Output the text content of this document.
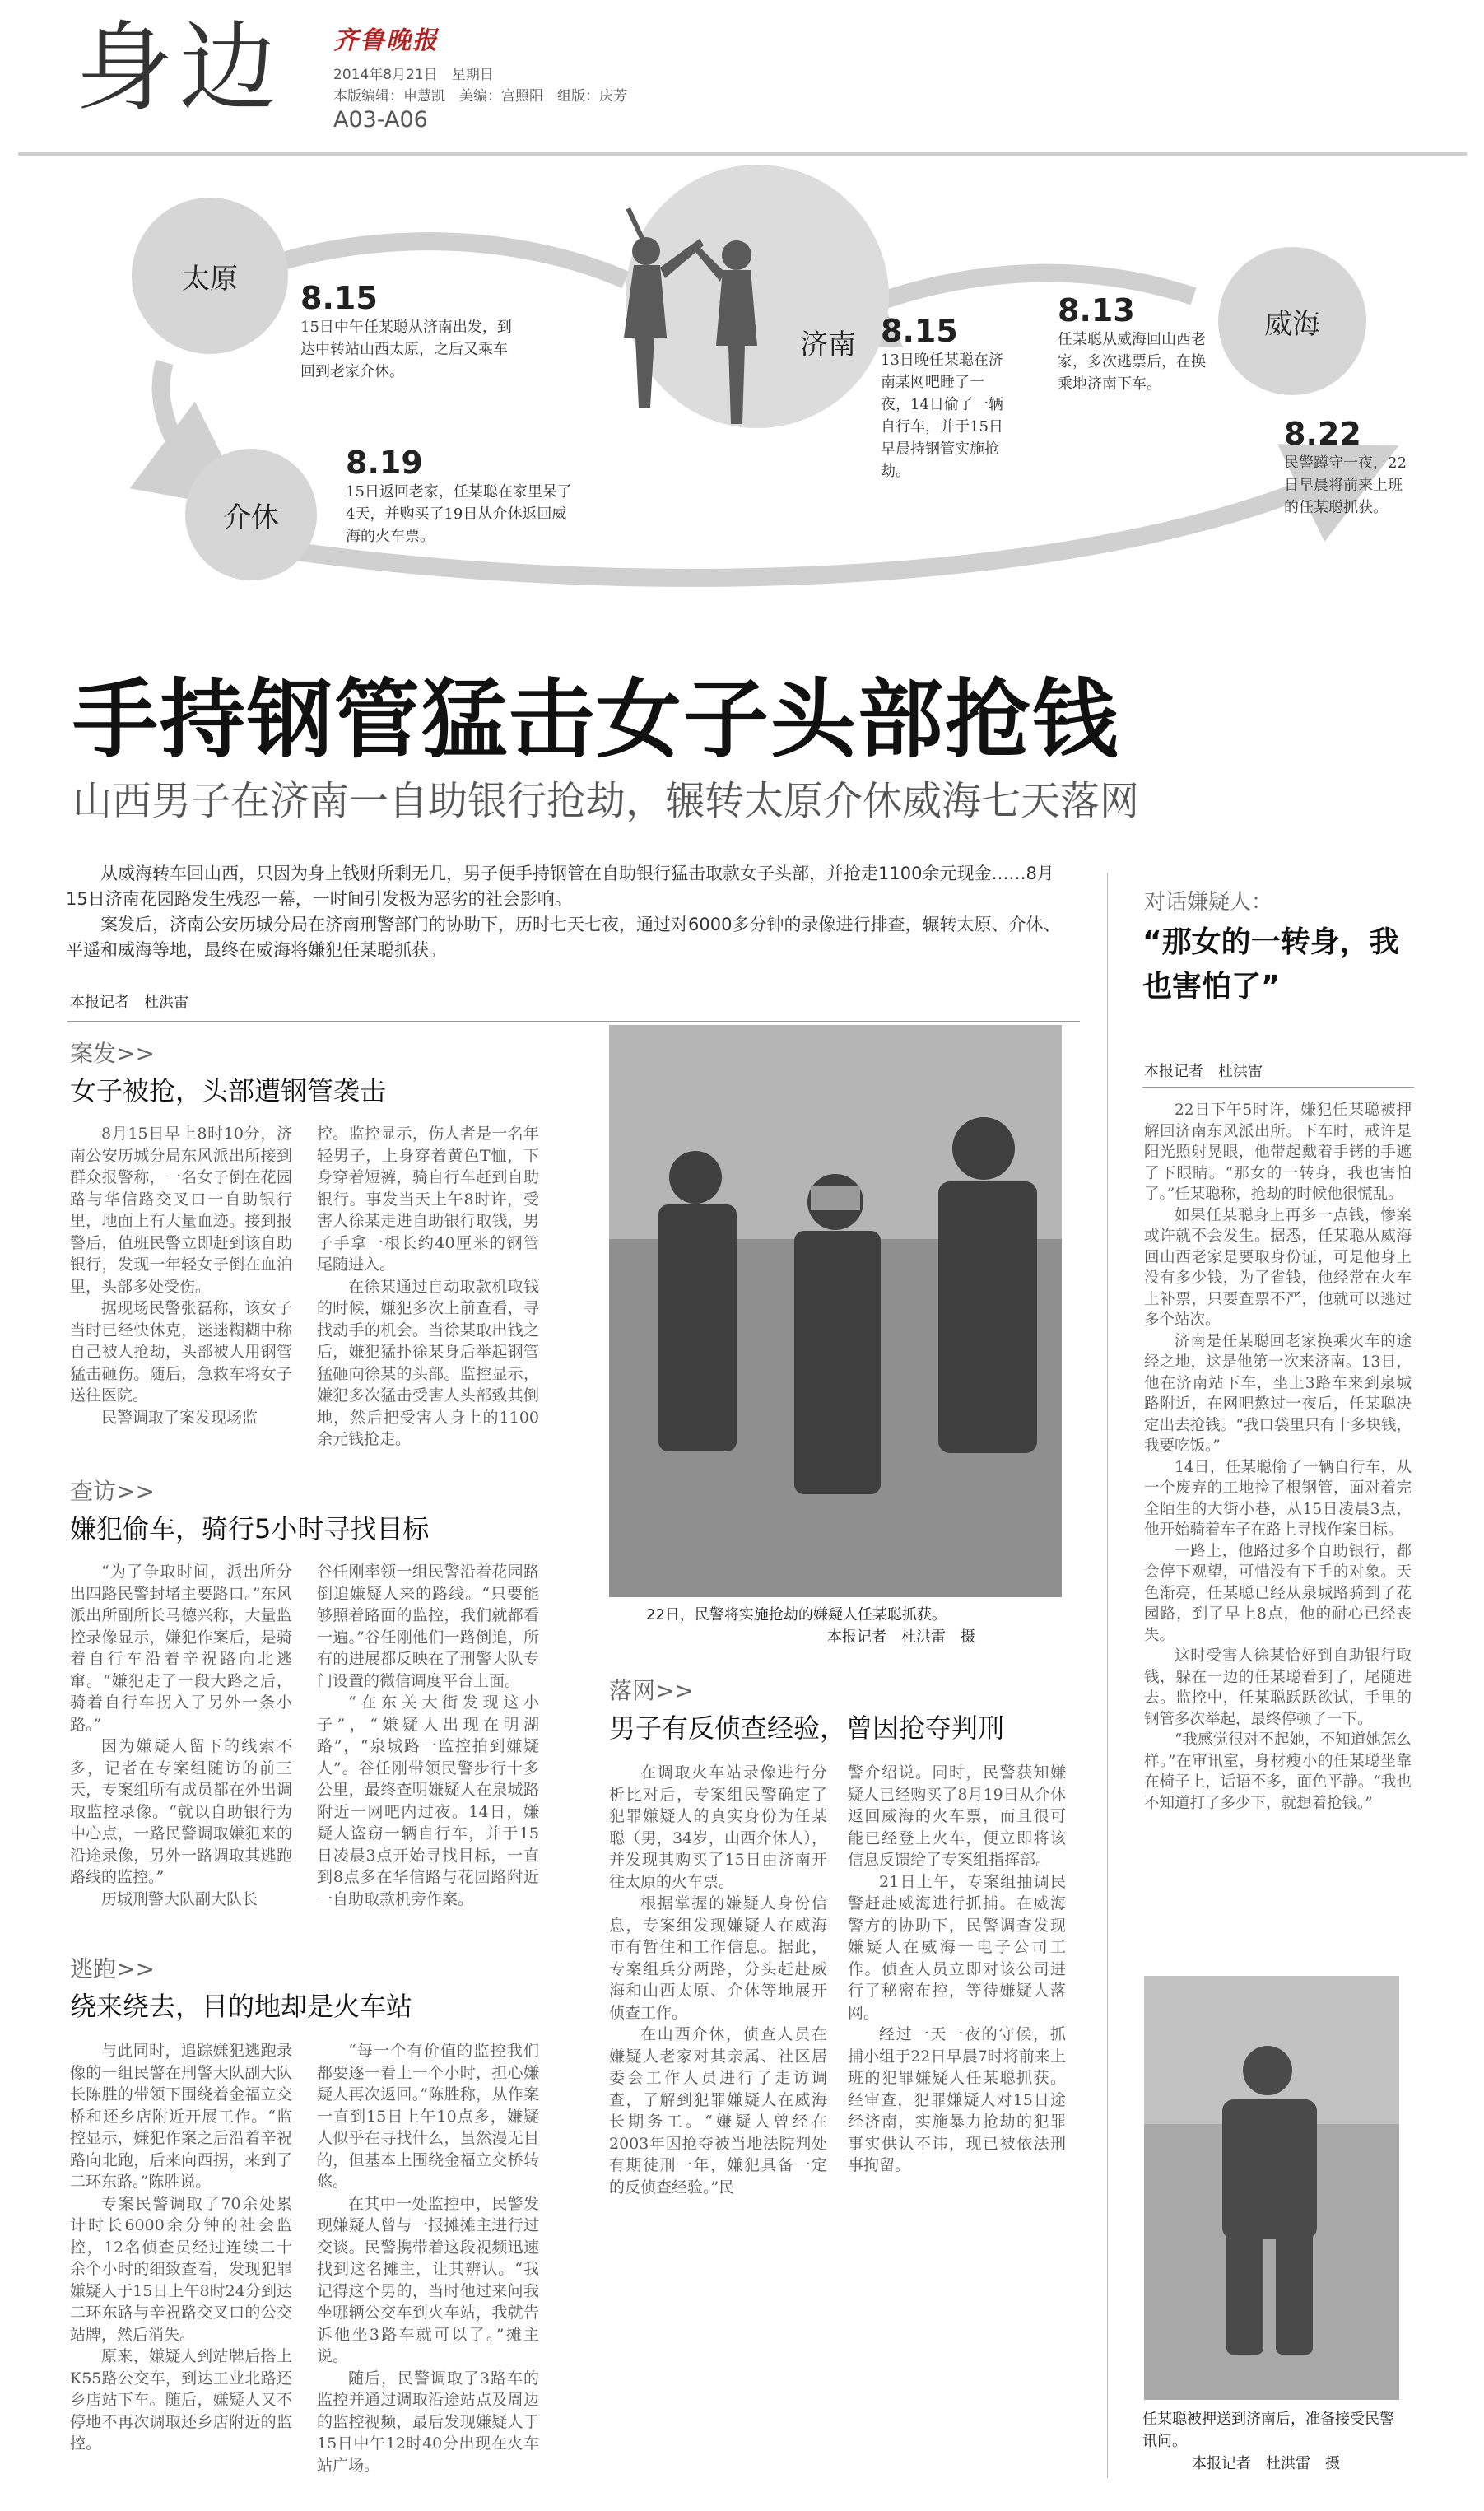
身边 齐鲁晚报
2014年8月21日　星期日
本版编辑：申慧凯　美编：宫照阳　组版：庆芳
A03-A06
太原
介休
威海
济南
8.15
15日中午任某聪从济南出发，到达中转站山西太原，之后又乘车回到老家介休。
8.19
15日返回老家，任某聪在家里呆了4天，并购买了19日从介休返回威海的火车票。
8.15
13日晚任某聪在济南某网吧睡了一夜，14日偷了一辆自行车，并于15日早晨持钢管实施抢劫。
8.13
任某聪从威海回山西老家，多次逃票后，在换乘地济南下车。
8.22
民警蹲守一夜，22日早晨将前来上班的任某聪抓获。
手持钢管猛击女子头部抢钱
山西男子在济南一自助银行抢劫，辗转太原介休威海七天落网

从威海转车回山西，只因为身上钱财所剩无几，男子便手持钢管在自助银行猛击取款女子头部，并抢走1100余元现金……8月15日济南花园路发生残忍一幕，一时间引发极为恶劣的社会影响。

案发后，济南公安历城分局在济南刑警部门的协助下，历时七天七夜，通过对6000多分钟的录像进行排查，辗转太原、介休、平遥和威海等地，最终在威海将嫌犯任某聪抓获。

本报记者　杜洪雷
案发>>
女子被抢，头部遭钢管袭击

8月15日早上8时10分，济南公安历城分局东风派出所接到群众报警称，一名女子倒在花园路与华信路交叉口一自助银行里，地面上有大量血迹。接到报警后，值班民警立即赶到该自助银行，发现一年轻女子倒在血泊里，头部多处受伤。

据现场民警张磊称，该女子当时已经快休克，迷迷糊糊中称自己被人抢劫，头部被人用钢管猛击砸伤。随后，急救车将女子送往医院。

民警调取了案发现场监

控。监控显示，伤人者是一名年轻男子，上身穿着黄色T恤，下身穿着短裤，骑自行车赶到自助银行。事发当天上午8时许，受害人徐某走进自助银行取钱，男子手拿一根长约40厘米的钢管尾随进入。

在徐某通过自动取款机取钱的时候，嫌犯多次上前查看，寻找动手的机会。当徐某取出钱之后，嫌犯猛扑徐某身后举起钢管猛砸向徐某的头部。监控显示，嫌犯多次猛击受害人头部致其倒地，然后把受害人身上的1100余元钱抢走。

查访>>
嫌犯偷车，骑行5小时寻找目标

“为了争取时间，派出所分出四路民警封堵主要路口。”东风派出所副所长马德兴称，大量监控录像显示，嫌犯作案后，是骑着自行车沿着辛祝路向北逃窜。“嫌犯走了一段大路之后，骑着自行车拐入了另外一条小路。”

因为嫌疑人留下的线索不多，记者在专案组随访的前三天，专案组所有成员都在外出调取监控录像。“就以自助银行为中心点，一路民警调取嫌犯来的沿途录像，另外一路调取其逃跑路线的监控。”

历城刑警大队副大队长

谷任刚率领一组民警沿着花园路倒追嫌疑人来的路线。“只要能够照着路面的监控，我们就都看一遍。”谷任刚他们一路倒追，所有的进展都反映在了刑警大队专门设置的微信调度平台上面。

“在东关大街发现这小子”，“嫌疑人出现在明湖路”，“泉城路一监控拍到嫌疑人”。谷任刚带领民警步行十多公里，最终查明嫌疑人在泉城路附近一网吧内过夜。14日，嫌疑人盗窃一辆自行车，并于15日凌晨3点开始寻找目标，一直到8点多在华信路与花园路附近一自助取款机旁作案。

逃跑>>
绕来绕去，目的地却是火车站

与此同时，追踪嫌犯逃跑录像的一组民警在刑警大队副大队长陈胜的带领下围绕着金福立交桥和还乡店附近开展工作。“监控显示，嫌犯作案之后沿着辛祝路向北跑，后来向西拐，来到了二环东路。”陈胜说。

专案民警调取了70余处累计时长6000余分钟的社会监控，12名侦查员经过连续二十余个小时的细致查看，发现犯罪嫌疑人于15日上午8时24分到达二环东路与辛祝路交叉口的公交站牌，然后消失。

原来，嫌疑人到站牌后搭上K55路公交车，到达工业北路还乡店站下车。随后，嫌疑人又不停地不再次调取还乡店附近的监控。

“每一个有价值的监控我们都要逐一看上一个小时，担心嫌疑人再次返回。”陈胜称，从作案一直到15日上午10点多，嫌疑人似乎在寻找什么，虽然漫无目的，但基本上围绕金福立交桥转悠。

在其中一处监控中，民警发现嫌疑人曾与一报摊摊主进行过交谈。民警携带着这段视频迅速找到这名摊主，让其辨认。“我记得这个男的，当时他过来问我坐哪辆公交车到火车站，我就告诉他坐3路车就可以了。”摊主说。

随后，民警调取了3路车的监控并通过调取沿途站点及周边的监控视频，最后发现嫌疑人于15日中午12时40分出现在火车站广场。

22日，民警将实施抢劫的嫌疑人任某聪抓获。
本报记者　杜洪雷　摄
落网>>
男子有反侦查经验，曾因抢夺判刑

在调取火车站录像进行分析比对后，专案组民警确定了犯罪嫌疑人的真实身份为任某聪（男，34岁，山西介休人），并发现其购买了15日由济南开往太原的火车票。

根据掌握的嫌疑人身份信息，专案组发现嫌疑人在威海市有暂住和工作信息。据此，专案组兵分两路，分头赶赴威海和山西太原、介休等地展开侦查工作。

在山西介休，侦查人员在嫌疑人老家对其亲属、社区居委会工作人员进行了走访调查，了解到犯罪嫌疑人在威海长期务工。“嫌疑人曾经在2003年因抢夺被当地法院判处有期徒刑一年，嫌犯具备一定的反侦查经验。”民

警介绍说。同时，民警获知嫌疑人已经购买了8月19日从介休返回威海的火车票，而且很可能已经登上火车，便立即将该信息反馈给了专案组指挥部。

21日上午，专案组抽调民警赶赴威海进行抓捕。在威海警方的协助下，民警调查发现嫌疑人在威海一电子公司工作。侦查人员立即对该公司进行了秘密布控，等待嫌疑人落网。

经过一天一夜的守候，抓捕小组于22日早晨7时将前来上班的犯罪嫌疑人任某聪抓获。经审查，犯罪嫌疑人对15日途经济南，实施暴力抢劫的犯罪事实供认不讳，现已被依法刑事拘留。

对话嫌疑人：
“那女的一转身，我也害怕了”
本报记者　杜洪雷

22日下午5时许，嫌犯任某聪被押解回济南东风派出所。下车时，戒许是阳光照射晃眼，他带起戴着手铐的手遮了下眼睛。“那女的一转身，我也害怕了。”任某聪称，抢劫的时候他很慌乱。

如果任某聪身上再多一点钱，惨案或许就不会发生。据悉，任某聪从威海回山西老家是要取身份证，可是他身上没有多少钱，为了省钱，他经常在火车上补票，只要查票不严，他就可以逃过多个站次。

济南是任某聪回老家换乘火车的途经之地，这是他第一次来济南。13日，他在济南站下车，坐上3路车来到泉城路附近，在网吧熬过一夜后，任某聪决定出去抢钱。“我口袋里只有十多块钱，我要吃饭。”

14日，任某聪偷了一辆自行车，从一个废弃的工地捡了根钢管，面对着完全陌生的大街小巷，从15日凌晨3点，他开始骑着车子在路上寻找作案目标。

一路上，他路过多个自助银行，都会停下观望，可惜没有下手的对象。天色渐亮，任某聪已经从泉城路骑到了花园路，到了早上8点，他的耐心已经丧失。

这时受害人徐某恰好到自助银行取钱，躲在一边的任某聪看到了，尾随进去。监控中，任某聪跃跃欲试，手里的钢管多次举起，最终停顿了一下。

“我感觉很对不起她，不知道她怎么样。”在审讯室，身材瘦小的任某聪坐靠在椅子上，话语不多，面色平静。“我也不知道打了多少下，就想着抢钱。”

任某聪被押送到济南后，准备接受民警讯问。
本报记者　杜洪雷　摄
